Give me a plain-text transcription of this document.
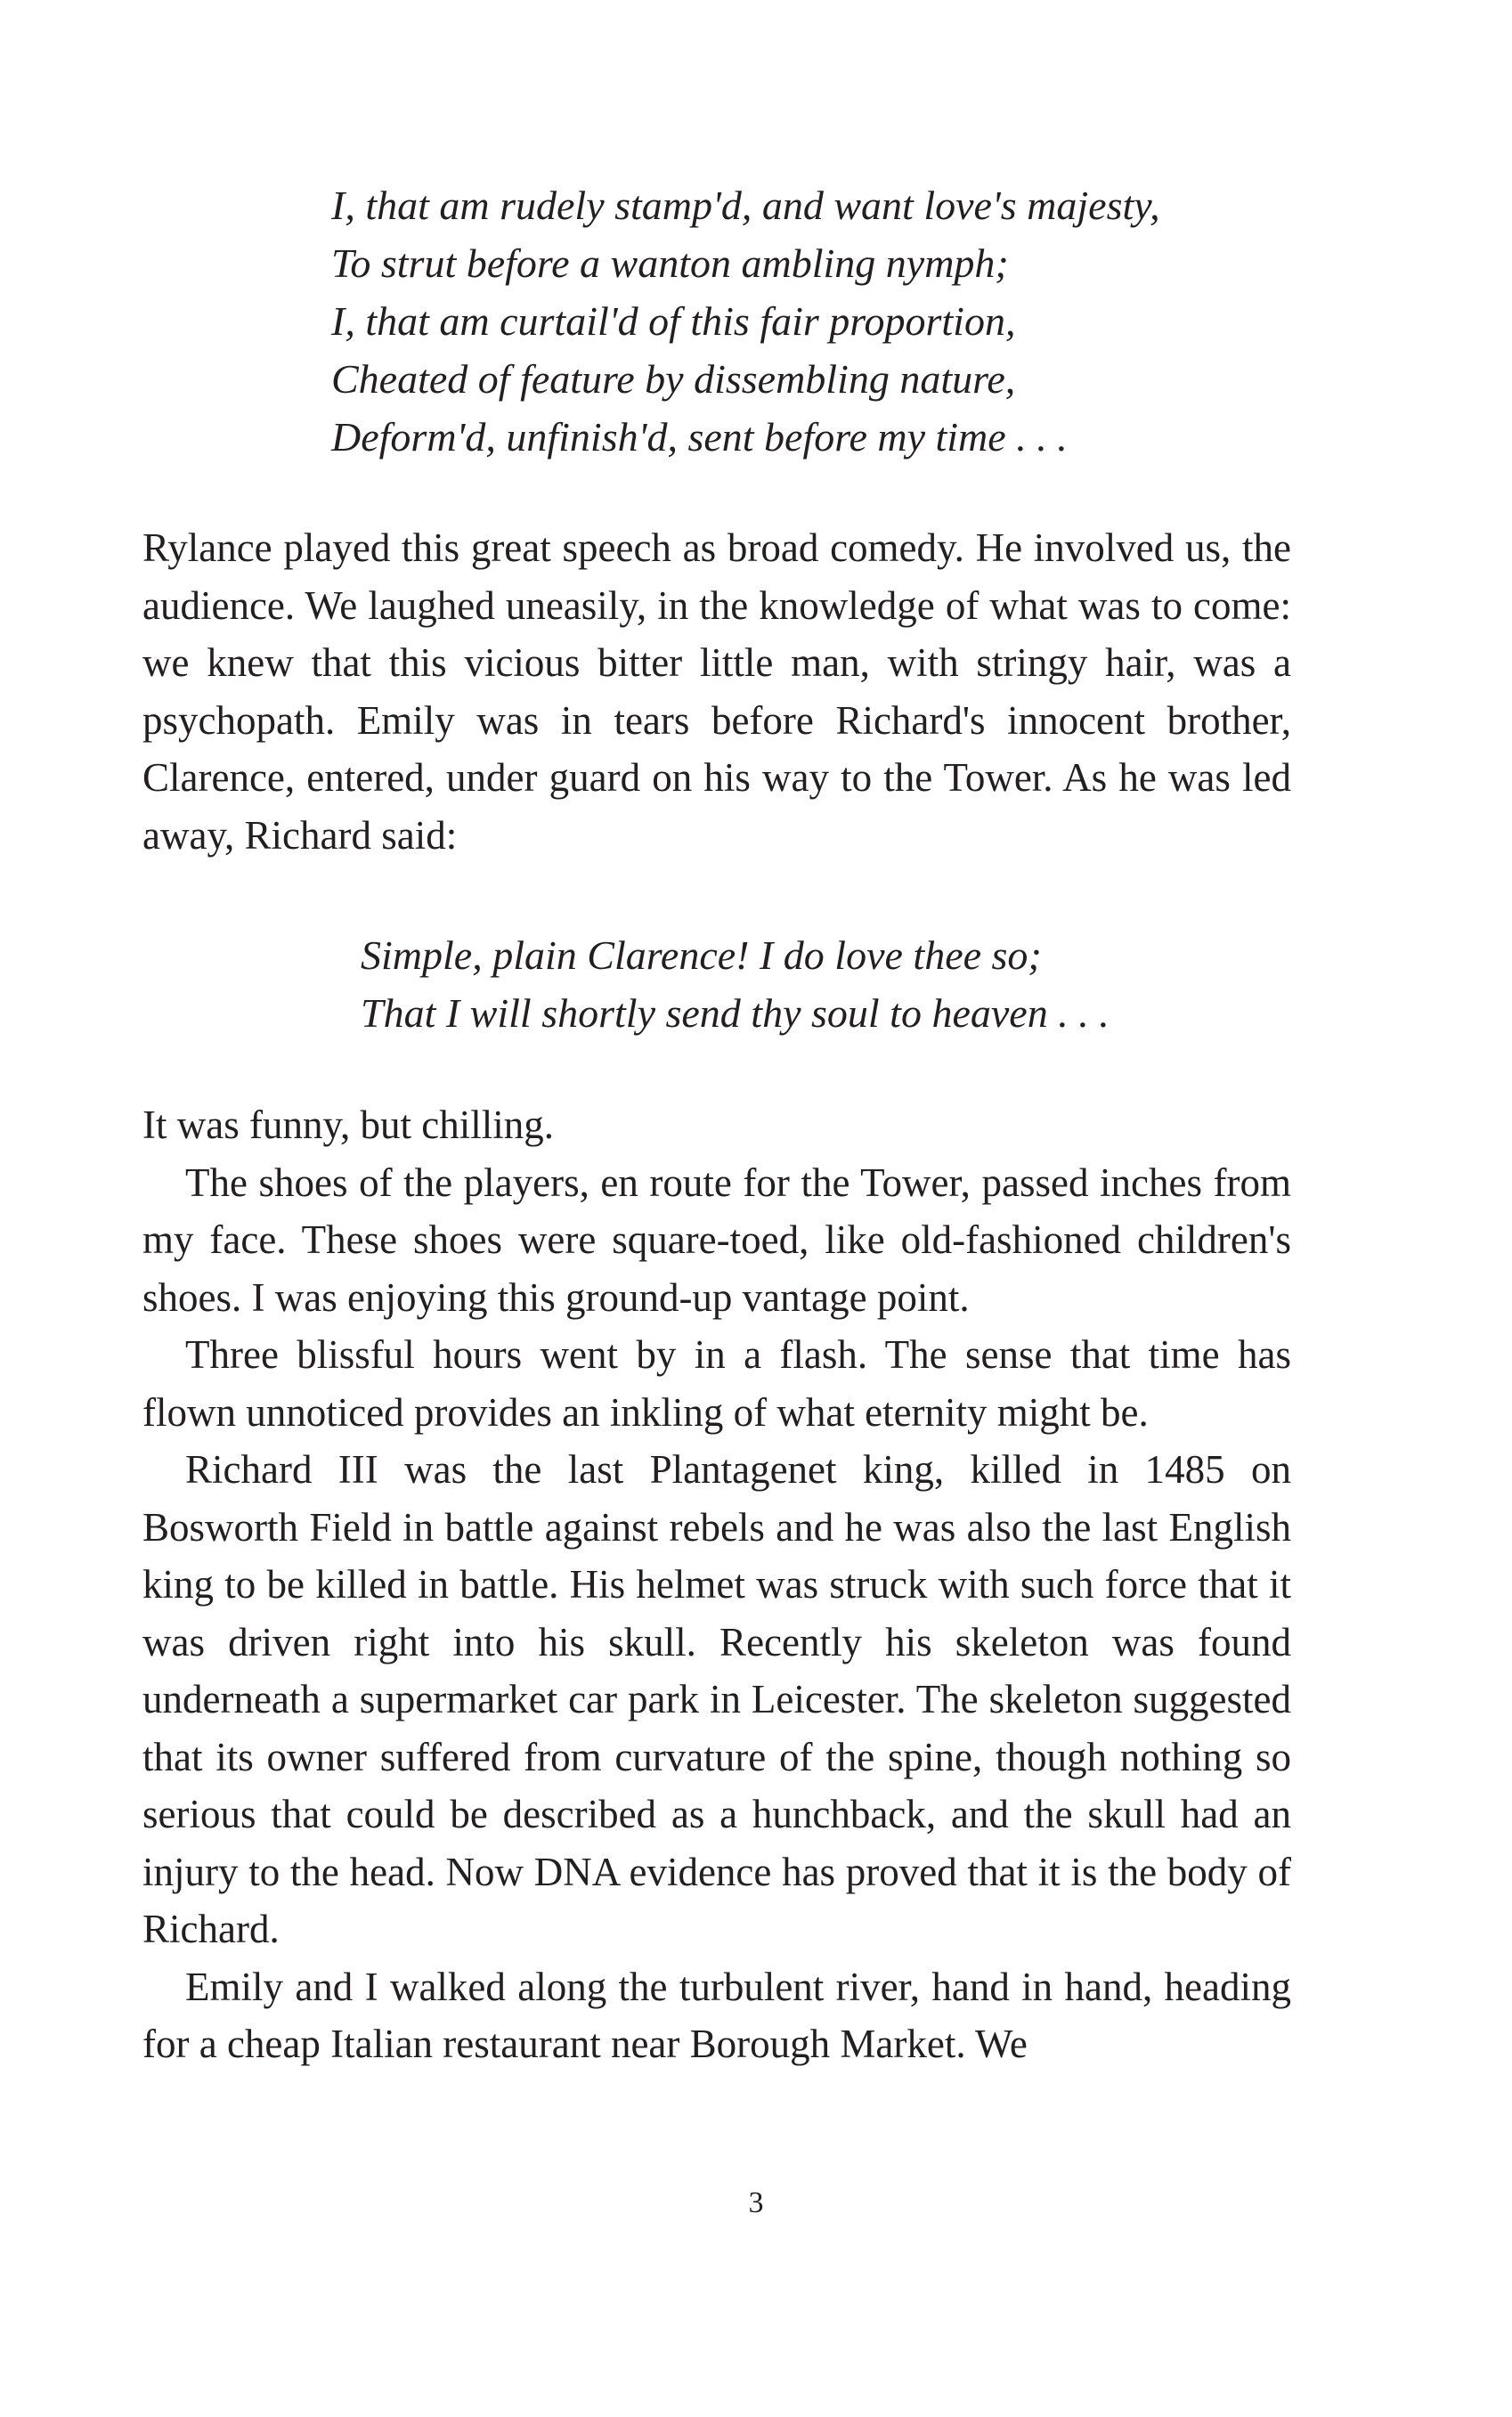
I, that am rudely stamp'd, and want love's majesty,
To strut before a wanton ambling nymph;
I, that am curtail'd of this fair proportion,
Cheated of feature by dissembling nature,
Deform'd, unfinish'd, sent before my time . . .

Rylance played this great speech as broad comedy. He involved us, the audience. We laughed uneasily, in the knowledge of what was to come: we knew that this vicious bitter little man, with stringy hair, was a psychopath. Emily was in tears before Richard's innocent brother, Clarence, entered, under guard on his way to the Tower. As he was led away, Richard said:

Simple, plain Clarence! I do love thee so;
That I will shortly send thy soul to heaven . . .

It was funny, but chilling.

The shoes of the players, en route for the Tower, passed inches from my face. These shoes were square-toed, like old-fashioned children's shoes. I was enjoying this ground-up vantage point.

Three blissful hours went by in a flash. The sense that time has flown unnoticed provides an inkling of what eternity might be.

Richard III was the last Plantagenet king, killed in 1485 on Bosworth Field in battle against rebels and he was also the last English king to be killed in battle. His helmet was struck with such force that it was driven right into his skull. Recently his skeleton was found underneath a supermarket car park in Leicester. The skeleton suggested that its owner suffered from curvature of the spine, though nothing so serious that could be described as a hunchback, and the skull had an injury to the head. Now DNA evidence has proved that it is the body of Richard.

Emily and I walked along the turbulent river, hand in hand, heading for a cheap Italian restaurant near Borough Market. We

3
